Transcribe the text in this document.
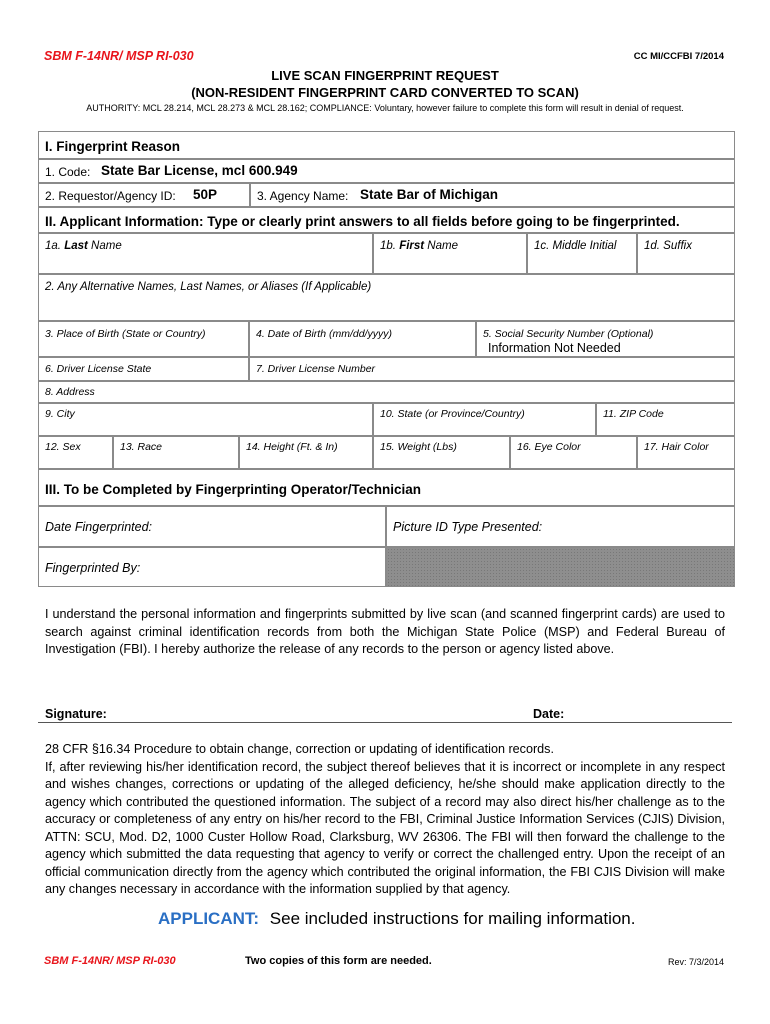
SBM F-14NR/ MSP RI-030	CC MI/CCFBI 7/2014
LIVE SCAN FINGERPRINT REQUEST
(NON-RESIDENT FINGERPRINT CARD CONVERTED TO SCAN)
AUTHORITY: MCL 28.214, MCL 28.273 & MCL 28.162; COMPLIANCE: Voluntary, however failure to complete this form will result in denial of request.
I. Fingerprint Reason
1. Code: State Bar License, mcl 600.949
2. Requestor/Agency ID: 50P	3. Agency Name: State Bar of Michigan
II. Applicant Information: Type or clearly print answers to all fields before going to be fingerprinted.
1a. Last Name	1b. First Name	1c. Middle Initial 1d. Suffix
2. Any Alternative Names, Last Names, or Aliases (If Applicable)
3. Place of Birth (State or Country)	4. Date of Birth (mm/dd/yyyy)	5. Social Security Number (Optional)
Information Not Needed
6. Driver License State	7. Driver License Number
8. Address
9. City	10. State (or Province/Country)	11. ZIP Code
12. Sex	13. Race	14. Height (Ft. & In)	15. Weight (Lbs)	16. Eye Color	17. Hair Color
III. To be Completed by Fingerprinting Operator/Technician
Date Fingerprinted:	Picture ID Type Presented:
Fingerprinted By:
I understand the personal information and fingerprints submitted by live scan (and scanned fingerprint cards) are used to search against criminal identification records from both the Michigan State Police (MSP) and Federal Bureau of Investigation (FBI). I hereby authorize the release of any records to the person or agency listed above.
Signature:	Date:
28 CFR §16.34 Procedure to obtain change, correction or updating of identification records.
If, after reviewing his/her identification record, the subject thereof believes that it is incorrect or incomplete in any respect and wishes changes, corrections or updating of the alleged deficiency, he/she should make application directly to the agency which contributed the questioned information. The subject of a record may also direct his/her challenge as to the accuracy or completeness of any entry on his/her record to the FBI, Criminal Justice Information Services (CJIS) Division, ATTN: SCU, Mod. D2, 1000 Custer Hollow Road, Clarksburg, WV 26306. The FBI will then forward the challenge to the agency which submitted the data requesting that agency to verify or correct the challenged entry. Upon the receipt of an official communication directly from the agency which contributed the original information, the FBI CJIS Division will make any changes necessary in accordance with the information supplied by that agency.
APPLICANT: See included instructions for mailing information.
SBM F-14NR/ MSP RI-030	Two copies of this form are needed.	Rev: 7/3/2014
